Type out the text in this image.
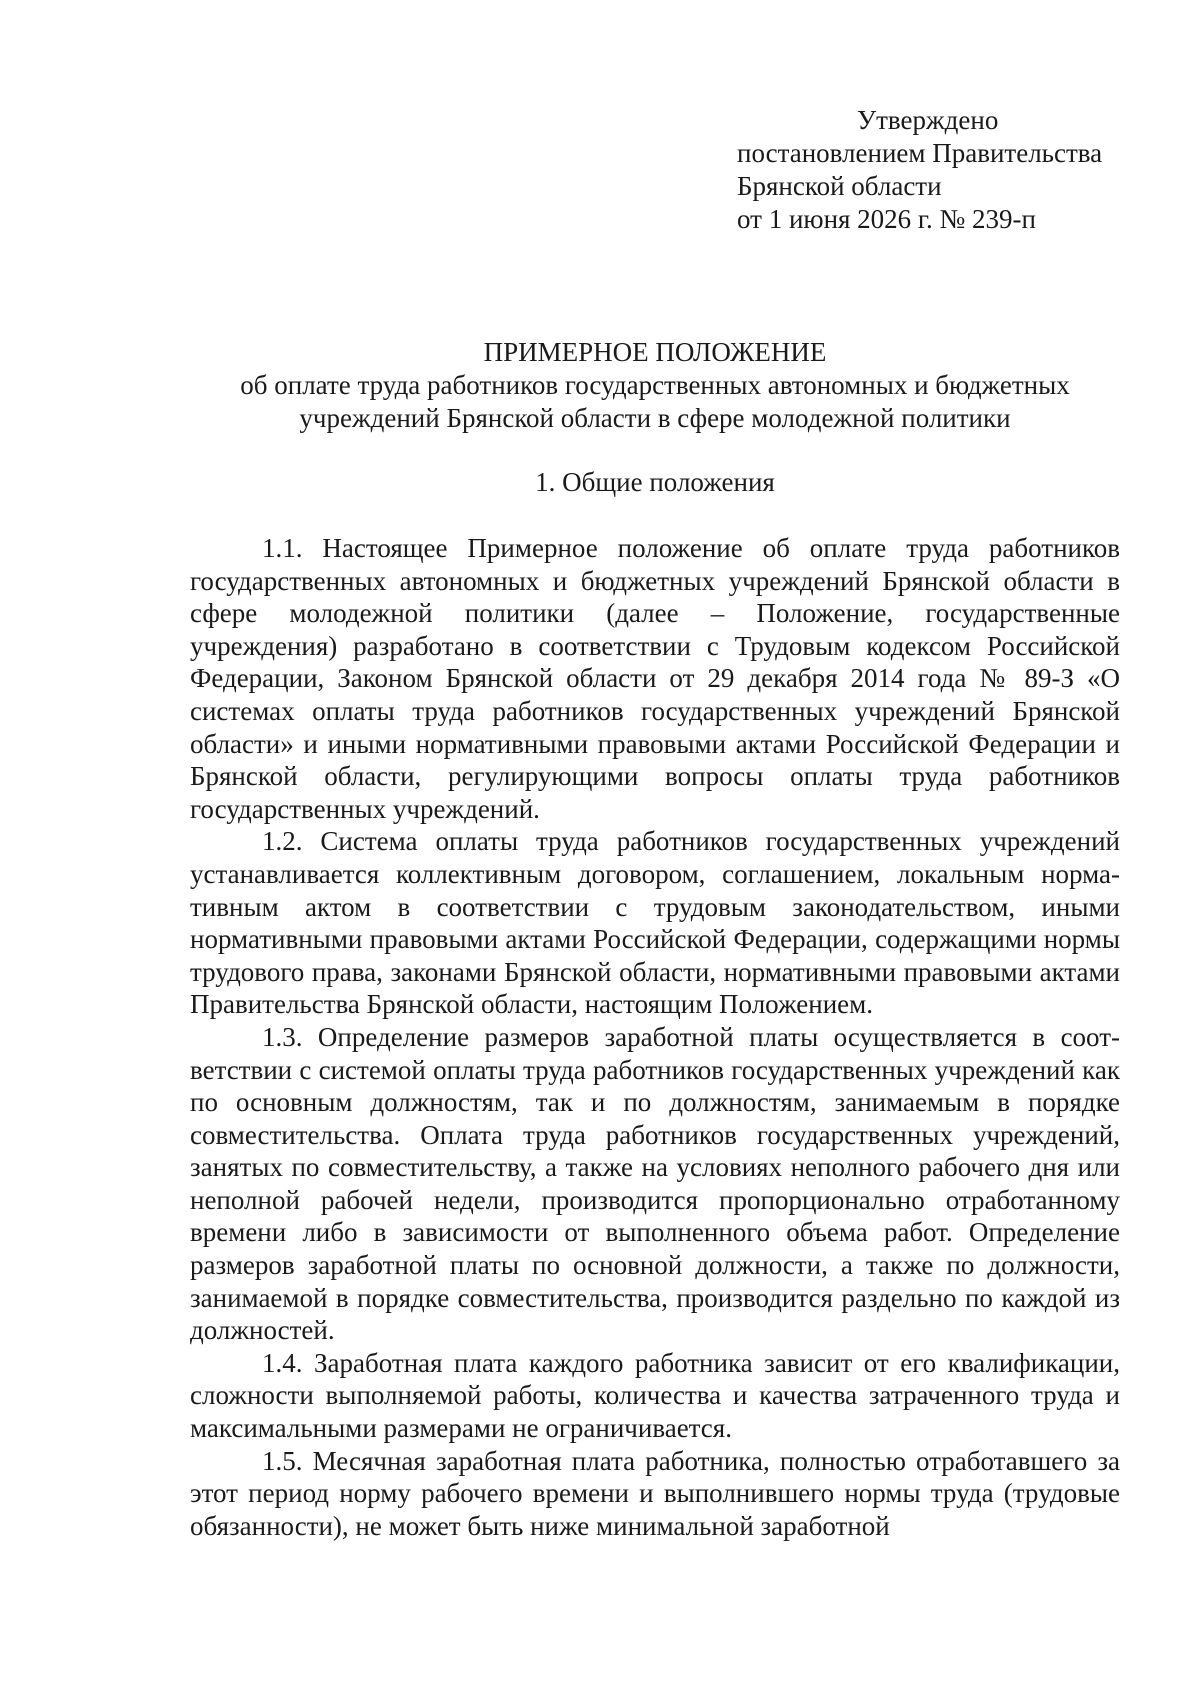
Утверждено
постановлением Правительства
Брянской области
от 1 июня 2026 г. № 239-п
ПРИМЕРНОЕ ПОЛОЖЕНИЕ
об оплате труда работников государственных автономных и бюджетных
учреждений Брянской области в сфере молодежной политики
1. Общие положения

1.1. Настоящее Примерное положение об оплате труда работников государственных автономных и бюджетных учреждений Брянской области в сфере молодежной политики (далее – Положение, государственные учреждения) разработано в соответствии с Трудовым кодексом Российской Федерации, Законом Брянской области от 29 декабря 2014 года № 89-З «О системах оплаты труда работников государственных учреждений Брянской области» и иными нормативными правовыми актами Российской Федерации и Брянской области, регулирующими вопросы оплаты труда работников государственных учреждений.

1.2. Система оплаты труда работников государственных учреждений устанавливается коллективным договором, соглашением, локальным нормативным актом в соответствии с трудовым законодательством, иными нормативными правовыми актами Российской Федерации, содержащими нормы трудового права, законами Брянской области, нормативными правовыми актами Правительства Брянской области, настоящим Положением.

1.3. Определение размеров заработной платы осуществляется в соответствии с системой оплаты труда работников государственных учреждений как по основным должностям, так и по должностям, занимаемым в порядке совместительства. Оплата труда работников государственных учреждений, занятых по совместительству, а также на условиях неполного рабочего дня или неполной рабочей недели, производится пропорционально отработанному времени либо в зависимости от выполненного объема работ. Определение размеров заработной платы по основной должности, а также по должности, занимаемой в порядке совместительства, производится раздельно по каждой из должностей.

1.4. Заработная плата каждого работника зависит от его квалификации, сложности выполняемой работы, количества и качества затраченного труда и максимальными размерами не ограничивается.

1.5. Месячная заработная плата работника, полностью отработавшего за этот период норму рабочего времени и выполнившего нормы труда (трудовые обязанности), не может быть ниже минимальной заработной
